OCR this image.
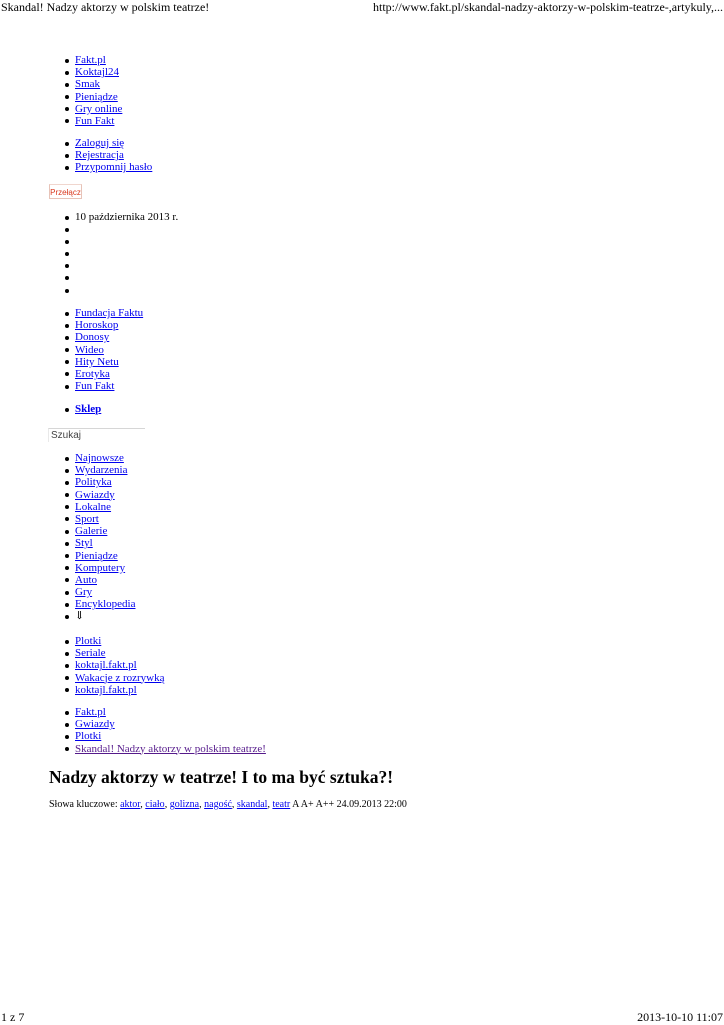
Skandal! Nadzy aktorzy w polskim teatrze!	http://www.fakt.pl/skandal-nadzy-aktorzy-w-polskim-teatrze-,artykuly,...
Fakt.pl
Koktajl24
Smak
Pieniądze
Gry online
Fun Fakt
Zaloguj się
Rejestracja
Przypomnij hasło
Przełącz
10 października 2013 r.
Fundacja Faktu
Horoskop
Donosy
Wideo
Hity Netu
Erotyka
Fun Fakt
Sklep
Szukaj
Najnowsze
Wydarzenia
Polityka
Gwiazdy
Lokalne
Sport
Galerie
Styl
Pieniądze
Komputery
Auto
Gry
Encyklopedia
⇓
Plotki
Seriale
koktajl.fakt.pl
Wakacje z rozrywką
koktajl.fakt.pl
Fakt.pl
Gwiazdy
Plotki
Skandal! Nadzy aktorzy w polskim teatrze!
Nadzy aktorzy w teatrze! I to ma być sztuka?!
Słowa kluczowe: aktor, ciało, golizna, nagość, skandal, teatr A A+ A++ 24.09.2013 22:00
1 z 7	2013-10-10 11:07
